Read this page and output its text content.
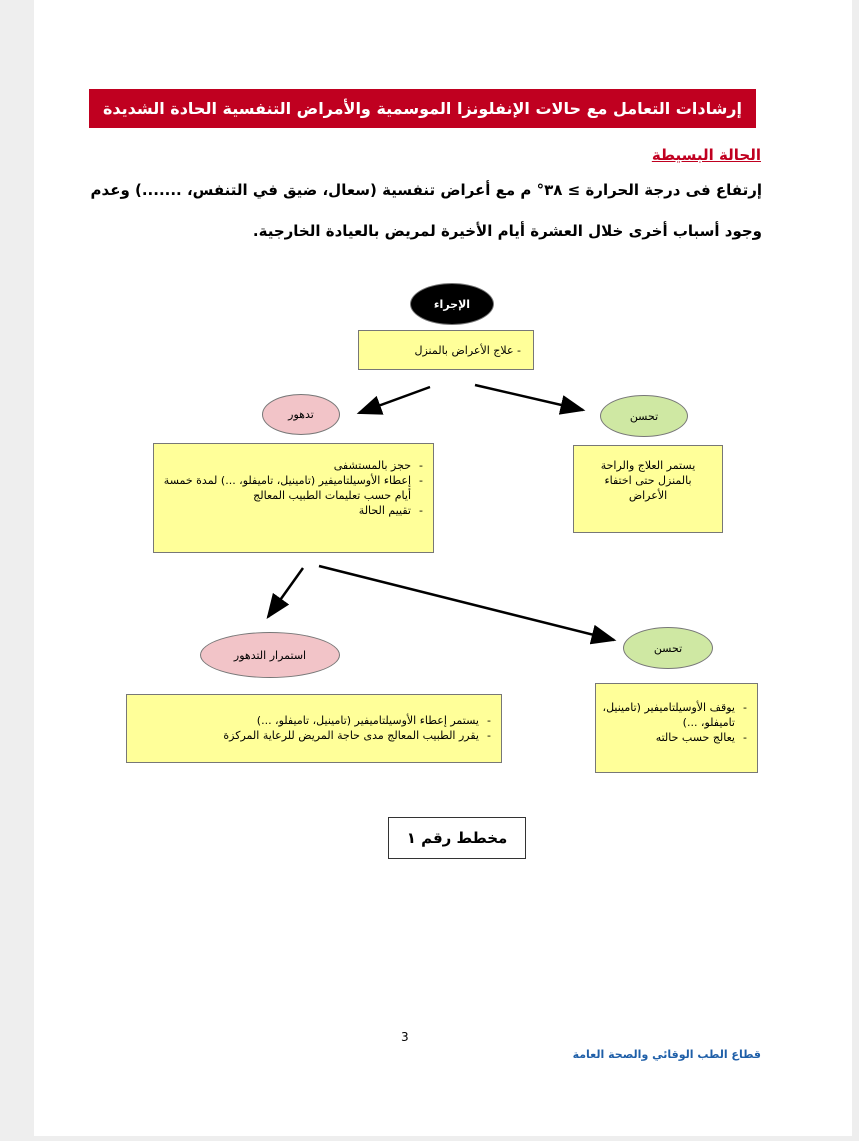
إرشادات التعامل مع حالات الإنفلونزا الموسمية والأمراض التنفسية الحادة الشديدة
الحالة البسيطة
إرتفاع فى درجة الحرارة ≥ ٣٨° م مع أعراض تنفسية (سعال، ضيق في التنفس، .......) وعدم
وجود أسباب أخرى خلال العشرة أيام الأخيرة لمريض بالعيادة الخارجية.
الإجراء
- علاج الأعراض بالمنزل
تدهور	تحسن
- حجز بالمستشفى
- إعطاء الأوسيلتاميفير (تامينيل، تاميفلو، ...) لمدة خمسة أيام حسب تعليمات الطبيب المعالج
- تقييم الحالة
يستمر العلاج والراحة بالمنزل حتى اختفاء الأعراض
استمرار التدهور
تحسن
- يستمر إعطاء الأوسيلتاميفير (تامينيل، تاميفلو، ...)
- يقرر الطبيب المعالج مدى حاجة المريض للرعاية المركزة
- يوقف الأوسيلتاميفير (تامينيل، تاميفلو، ...)
- يعالج حسب حالته
مخطط رقم ١
3
قطاع الطب الوقائي والصحة العامة
